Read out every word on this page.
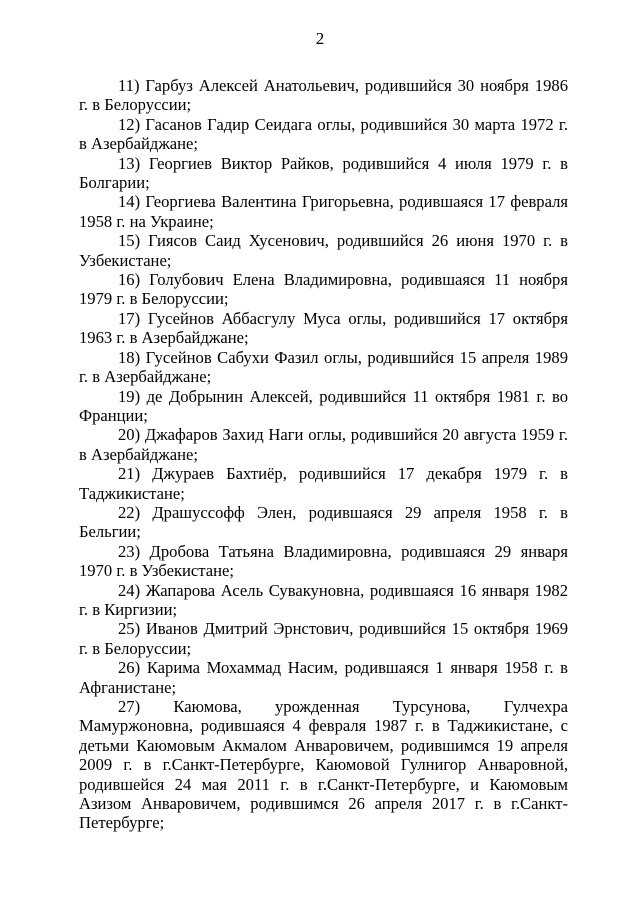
2

11) Гарбуз Алексей Анатольевич, родившийся 30 ноября 1986 г. в Белоруссии;

12) Гасанов Гадир Сеидага оглы, родившийся 30 марта 1972 г. в Азербайджане;

13) Георгиев Виктор Райков, родившийся 4 июля 1979 г. в Болгарии;

14) Георгиева Валентина Григорьевна, родившаяся 17 февраля 1958 г. на Украине;

15) Гиясов Саид Хусенович, родившийся 26 июня 1970 г. в Узбекистане;

16) Голубович Елена Владимировна, родившаяся 11 ноября 1979 г. в Белоруссии;

17) Гусейнов Аббасгулу Муса оглы, родившийся 17 октября 1963 г. в Азербайджане;

18) Гусейнов Сабухи Фазил оглы, родившийся 15 апреля 1989 г. в Азербайджане;

19) де Добрынин Алексей, родившийся 11 октября 1981 г. во Франции;

20) Джафаров Захид Наги оглы, родившийся 20 августа 1959 г. в Азербайджане;

21) Джураев Бахтиёр, родившийся 17 декабря 1979 г. в Таджикистане;

22) Драшуссофф Элен, родившаяся 29 апреля 1958 г. в Бельгии;

23) Дробова Татьяна Владимировна, родившаяся 29 января 1970 г. в Узбекистане;

24) Жапарова Асель Сувакуновна, родившаяся 16 января 1982 г. в Киргизии;

25) Иванов Дмитрий Эрнстович, родившийся 15 октября 1969 г. в Белоруссии;

26) Карима Мохаммад Насим, родившаяся 1 января 1958 г. в Афганистане;

27) Каюмова, урожденная Турсунова, Гулчехра Мамуржоновна, родившаяся 4 февраля 1987 г. в Таджикистане, с детьми Каюмовым Акмалом Анваровичем, родившимся 19 апреля 2009 г. в г.Санкт-Петербурге, Каюмовой Гулнигор Анваровной, родившейся 24 мая 2011 г. в г.Санкт-Петербурге, и Каюмовым Азизом Анваровичем, родившимся 26 апреля 2017 г. в г.Санкт-Петербурге;
